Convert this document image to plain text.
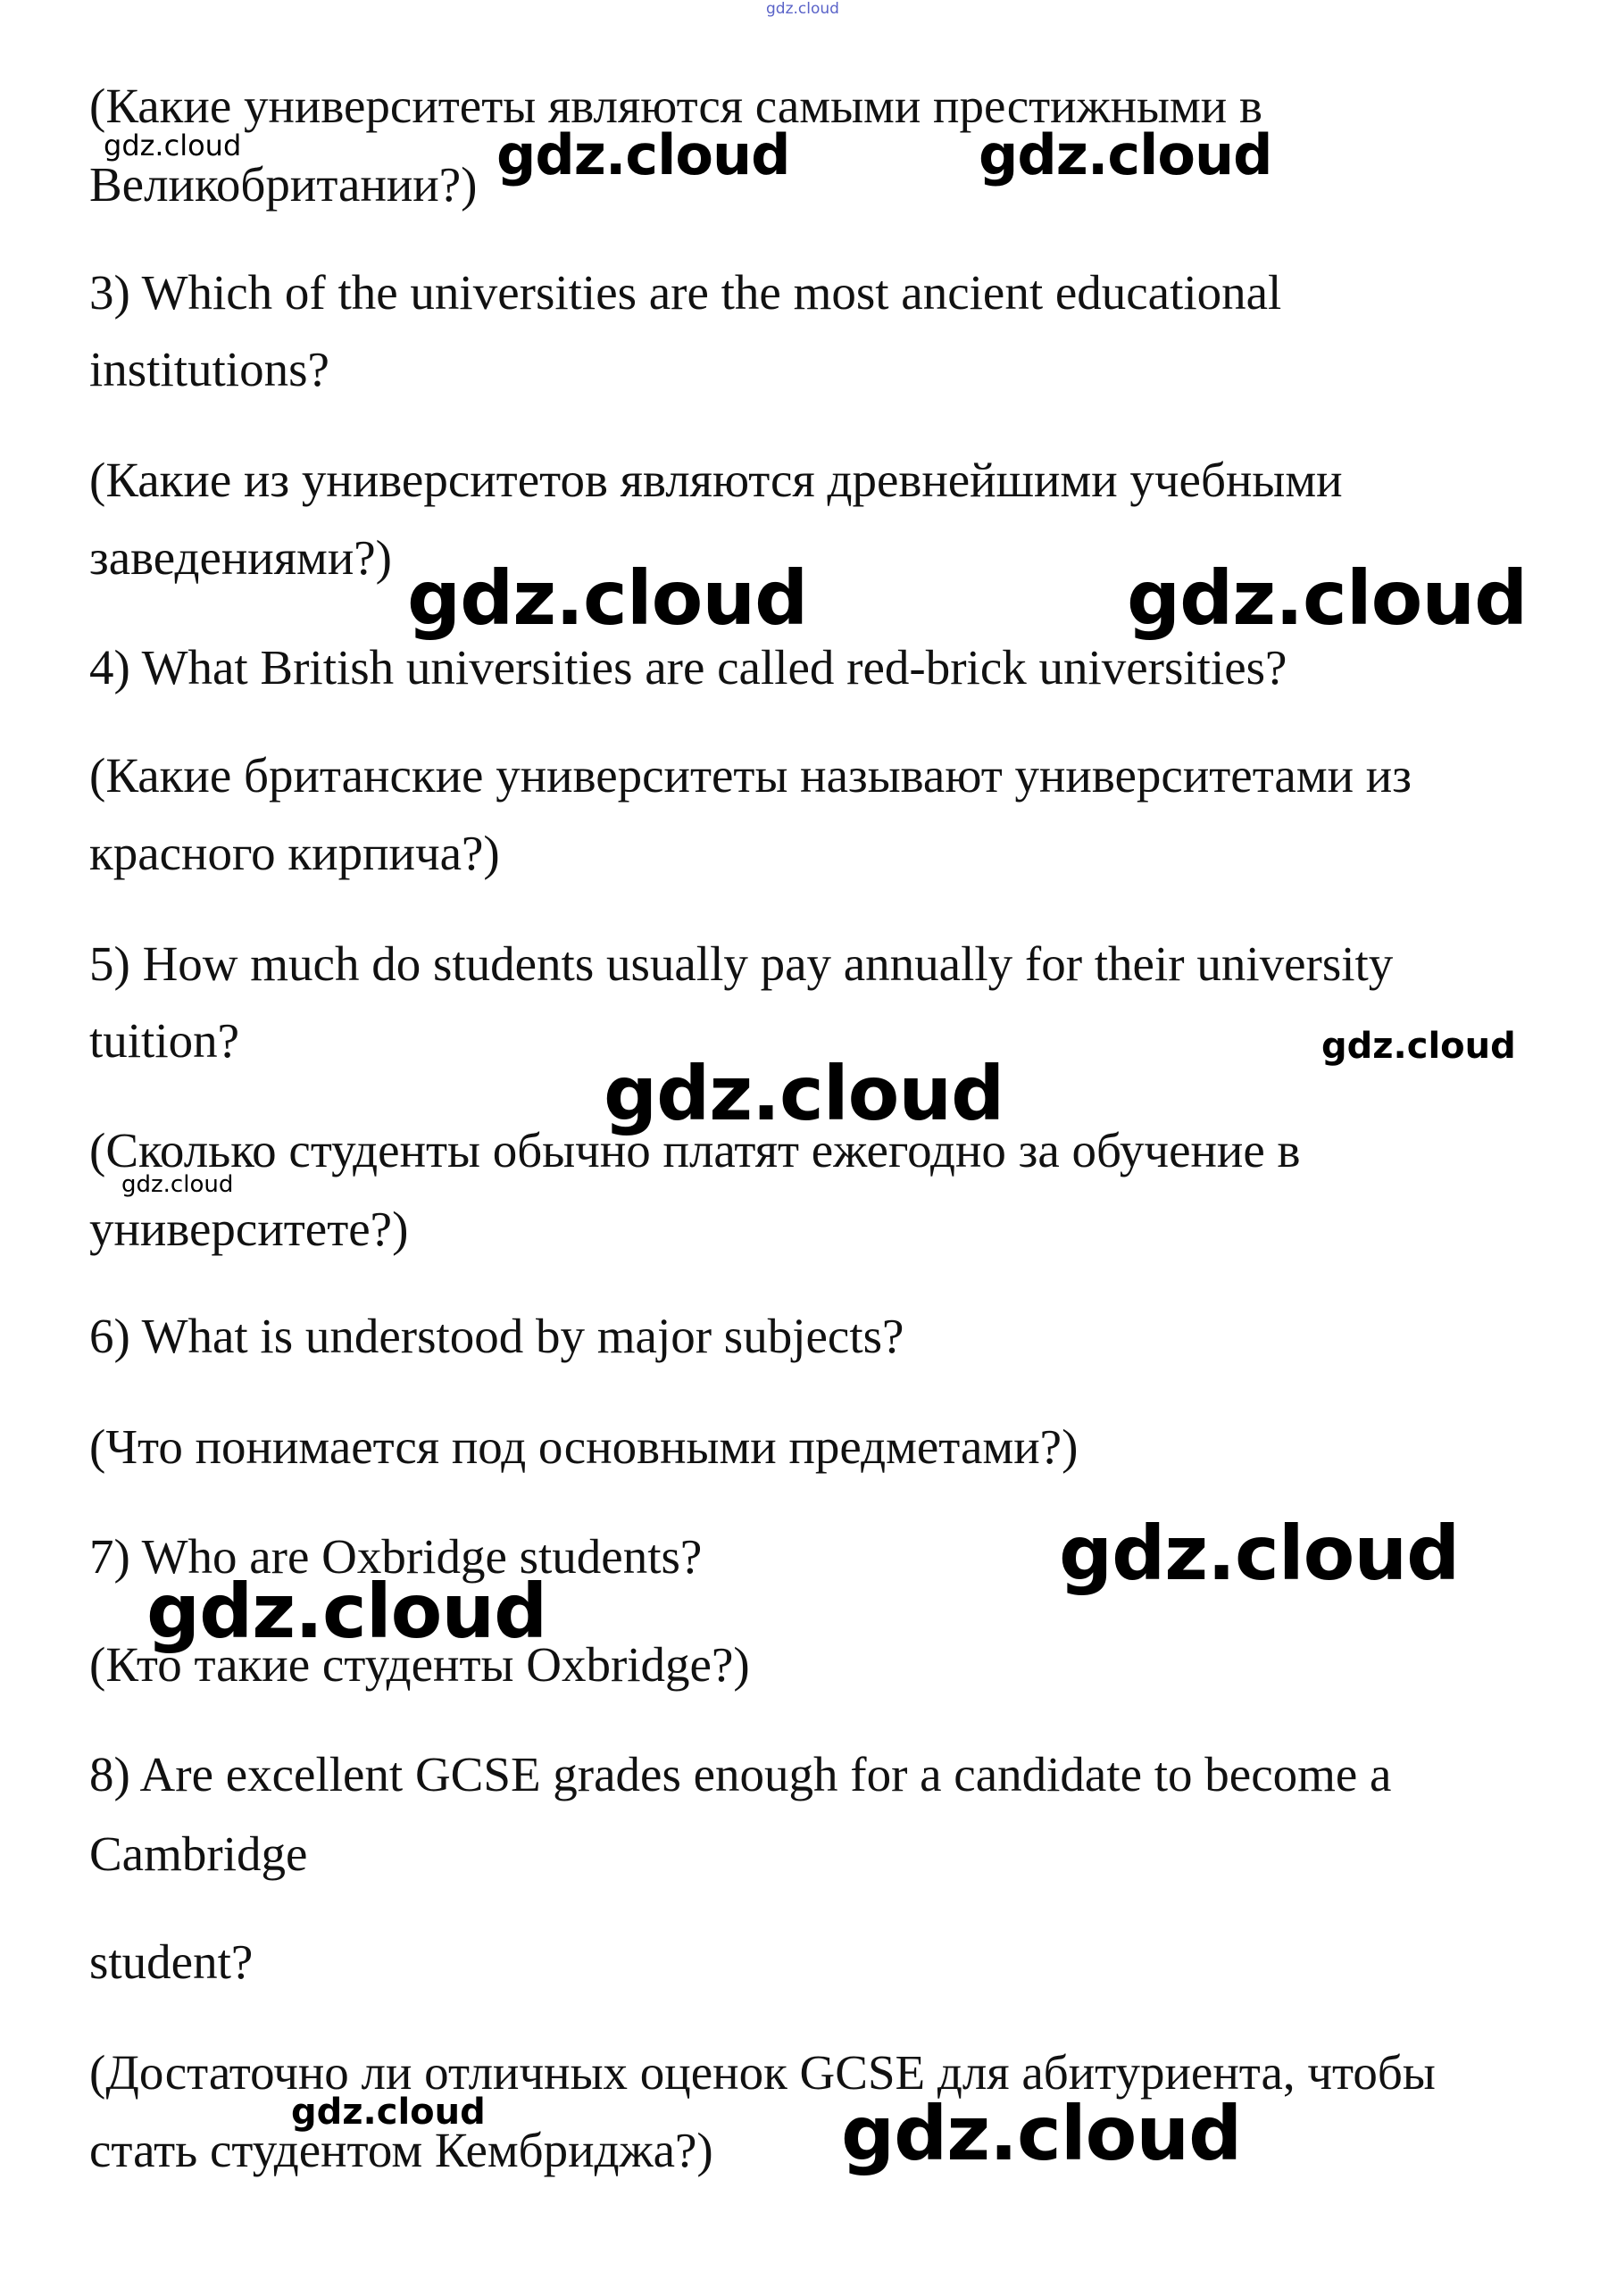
gdz.cloud

(Какие университеты являются самыми престижными в

Великобритании?)

3) Which of the universities are the most ancient educational

institutions?

(Какие из университетов являются древнейшими учебными

заведениями?)

4) What British universities are called red-brick universities?

(Какие британские университеты называют университетами из

красного кирпича?)

5) How much do students usually pay annually for their university

tuition?

(Сколько студенты обычно платят ежегодно за обучение в

университете?)

6) What is understood by major subjects?

(Что понимается под основными предметами?)

7) Who are Oxbridge students?

(Кто такие студенты Oxbridge?)

8) Are excellent GCSE grades enough for a candidate to become a

Cambridge

student?

(Достаточно ли отличных оценок GCSE для абитуриента, чтобы

стать студентом Кембриджа?)

gdz.cloud	gdz.cloud	gdz.cloud
gdz.cloud	gdz.cloud
gdz.cloud
gdz.cloud
gdz.cloud
gdz.cloud
gdz.cloud
gdz.cloud	gdz.cloud
